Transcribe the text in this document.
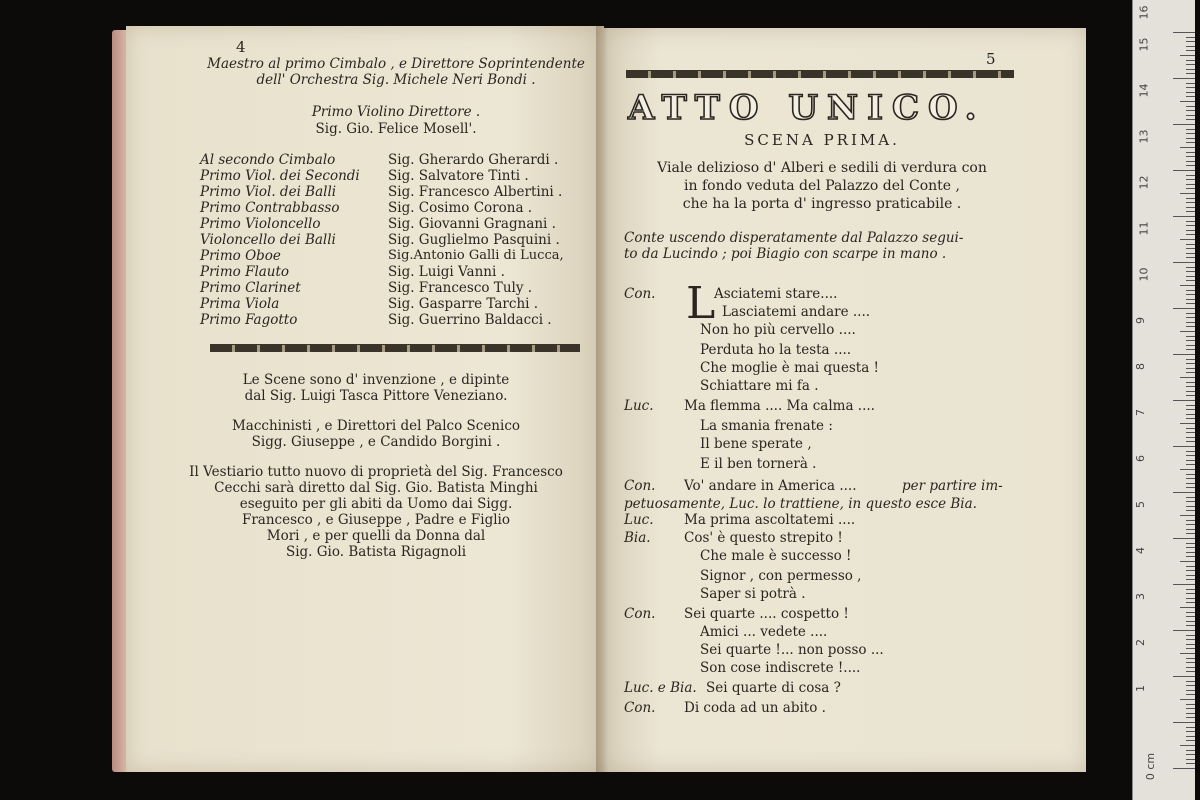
4
Maestro al primo Cimbalo , e Direttore Soprintendente
dell' Orchestra Sig. Michele Neri Bondi .
Primo Violino Direttore .
Sig. Gio. Felice Mosell'.
Al secondo Cimbalo
Primo Viol. dei Secondi
Primo Viol. dei Balli
Primo Contrabbasso
Primo Violoncello
Violoncello dei Balli
Primo Oboe
Primo Flauto
Primo Clarinet
Prima Viola
Primo Fagotto
Sig. Gherardo Gherardi .
Sig. Salvatore Tinti .
Sig. Francesco Albertini .
Sig. Cosimo Corona .
Sig. Giovanni Gragnani .
Sig. Guglielmo Pasquini .
Sig.Antonio Galli di Lucca,
Sig. Luigi Vanni .
Sig. Francesco Tuly .
Sig. Gasparre Tarchi .
Sig. Guerrino Baldacci .
Le Scene sono d' invenzione , e dipinte
dal Sig. Luigi Tasca Pittore Veneziano.
Macchinisti , e Direttori del Palco Scenico
Sigg. Giuseppe , e Candido Borgini .
Il Vestiario tutto nuovo di proprietà del Sig. Francesco
Cecchi sarà diretto dal Sig. Gio. Batista Minghi
eseguito per gli abiti da Uomo dai Sigg.
Francesco , e Giuseppe , Padre e Figlio
Mori , e per quelli da Donna dal
Sig. Gio. Batista Rigagnoli
5
ATTO UNICO.
SCENA PRIMA.
Viale delizioso d' Alberi e sedili di verdura con
in fondo veduta del Palazzo del Conte ,
che ha la porta d' ingresso praticabile .
Conte uscendo disperatamente dal Palazzo segui-
to da Lucindo ; poi Biagio con scarpe in mano .
Con.
Luc.
Con.
Luc.
Bia.
Con.
Luc. e Bia.
Con.
L
Asciatemi stare....
Lasciatemi andare ....
Non ho più cervello ....
Perduta ho la testa ....
Che moglie è mai questa !
Schiattare mi fa .
Ma flemma .... Ma calma ....
La smania frenate :
Il bene sperate ,
E il ben tornerà .
Vo' andare in America ....	per partire im-
petuosamente, Luc. lo trattiene, in questo esce Bia.
Ma prima ascoltatemi ....
Cos' è questo strepito !
Che male è successo !
Signor , con permesso ,
Saper si potrà .
Sei quarte .... cospetto !
Amici ... vedete ....
Sei quarte !... non posso ...
Son cose indiscrete !....
Sei quarte di cosa ?
Di coda ad un abito .
0 cm
1
2
3
4
5
6
7
8
9
10
11
12
13
14
15
16
